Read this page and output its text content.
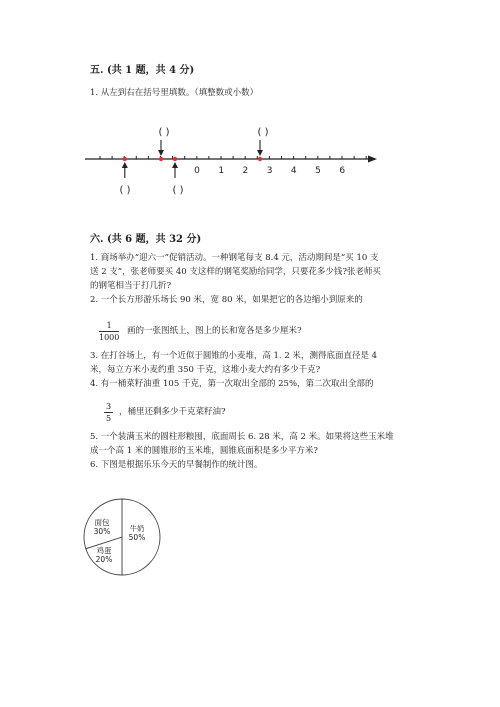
五. (共 1 题，共 4 分)
1. 从左到右在括号里填数。（填整数或小数）
0 1 2 3 4 5 6
( )	( )
( )	( )
六. (共 6 题，共 32 分)
1. 商场举办“迎六一”促销活动。一种钢笔每支 8.4 元，活动期间是“买 10 支
送 2 支”，张老师要买 40 支这样的钢笔奖励给同学，只要花多少钱?张老师买
的钢笔相当于打几折?
2. 一个长方形游乐场长 90 米，宽 80 米，如果把它的各边缩小到原来的
$\frac{1}{1000}$ 画的一张图纸上，图上的长和宽各是多少厘米?
3. 在打谷场上，有一个近似于圆锥的小麦堆，高 1. 2 米，测得底面直径是 4
米，每立方米小麦约重 350 千克，这堆小麦大约有多少千克?
4. 有一桶菜籽油重 105 千克，第一次取出全部的 25%，第二次取出全部的
$\frac{3}{5}$ ，桶里还剩多少千克菜籽油?
5. 一个装满玉米的圆柱形粮囤，底面周长 6. 28 米，高 2 米。如果将这些玉米堆
成一个高 1 米的圆锥形的玉米堆，圆锥底面积是多少平方米?
6. 下图是根据乐乐今天的早餐制作的统计图。
牛奶
50%
鸡蛋
20%
面包
30%
